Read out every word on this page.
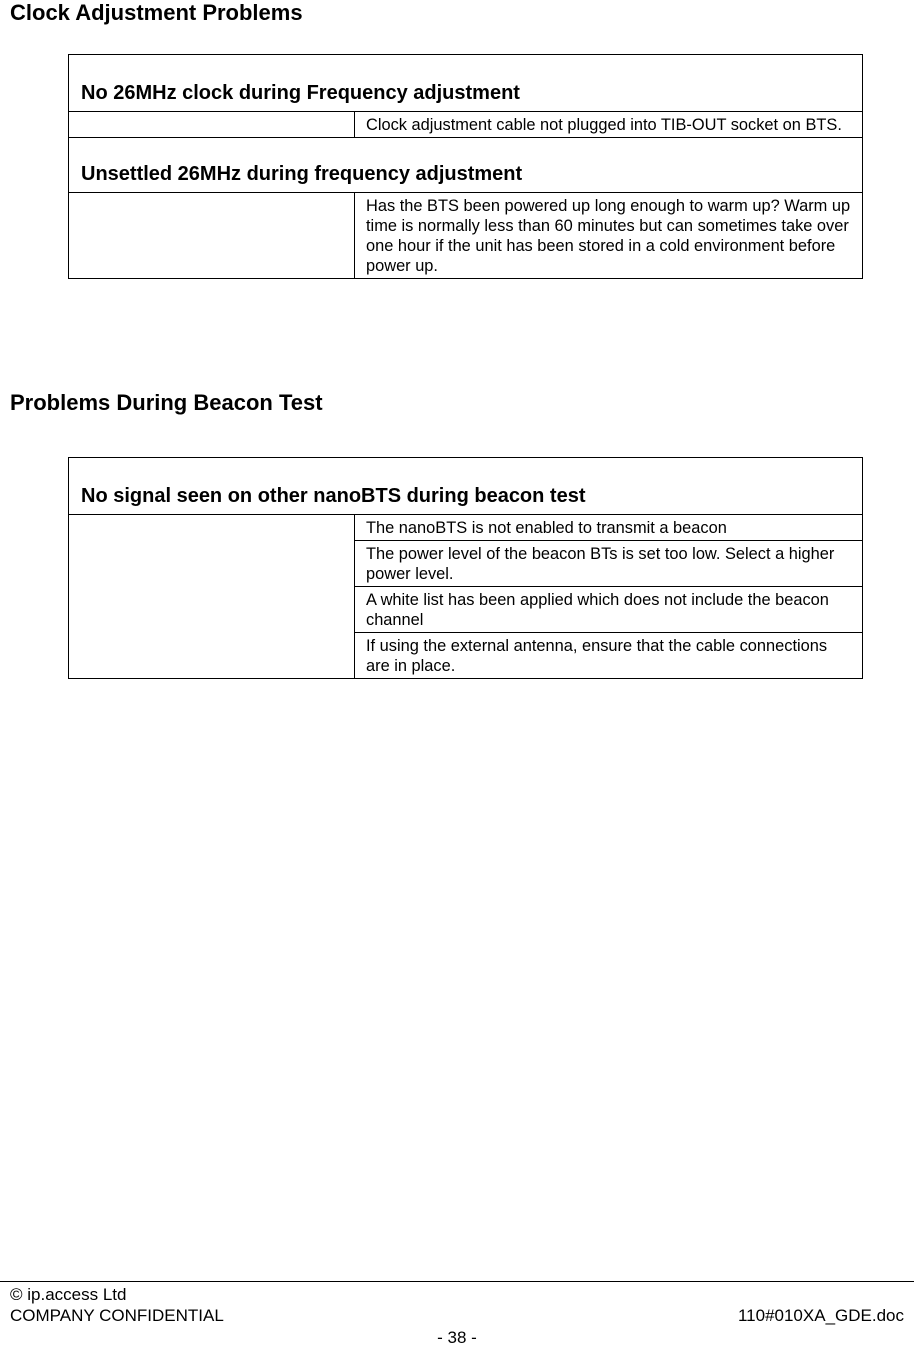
Clock Adjustment Problems
No 26MHz clock during Frequency adjustment	
	Clock adjustment cable not plugged into TIB-OUT socket on BTS.
Unsettled 26MHz during frequency adjustment	
	Has the BTS been powered up long enough to warm up? Warm up time is normally less than 60 minutes but can sometimes take over one hour if the unit has been stored in a cold environment before power up.
Problems During Beacon Test
No signal seen on other nanoBTS during beacon test
	The nanoBTS is not enabled to transmit a beacon
The power level of the beacon BTs is set too low. Select a higher power level.
A white list has been applied which does not include the beacon channel
If using the external antenna, ensure that the cable connections are in place.

© ip.access Ltd

COMPANY CONFIDENTIAL	110#010XA_GDE.doc

- 38 -
